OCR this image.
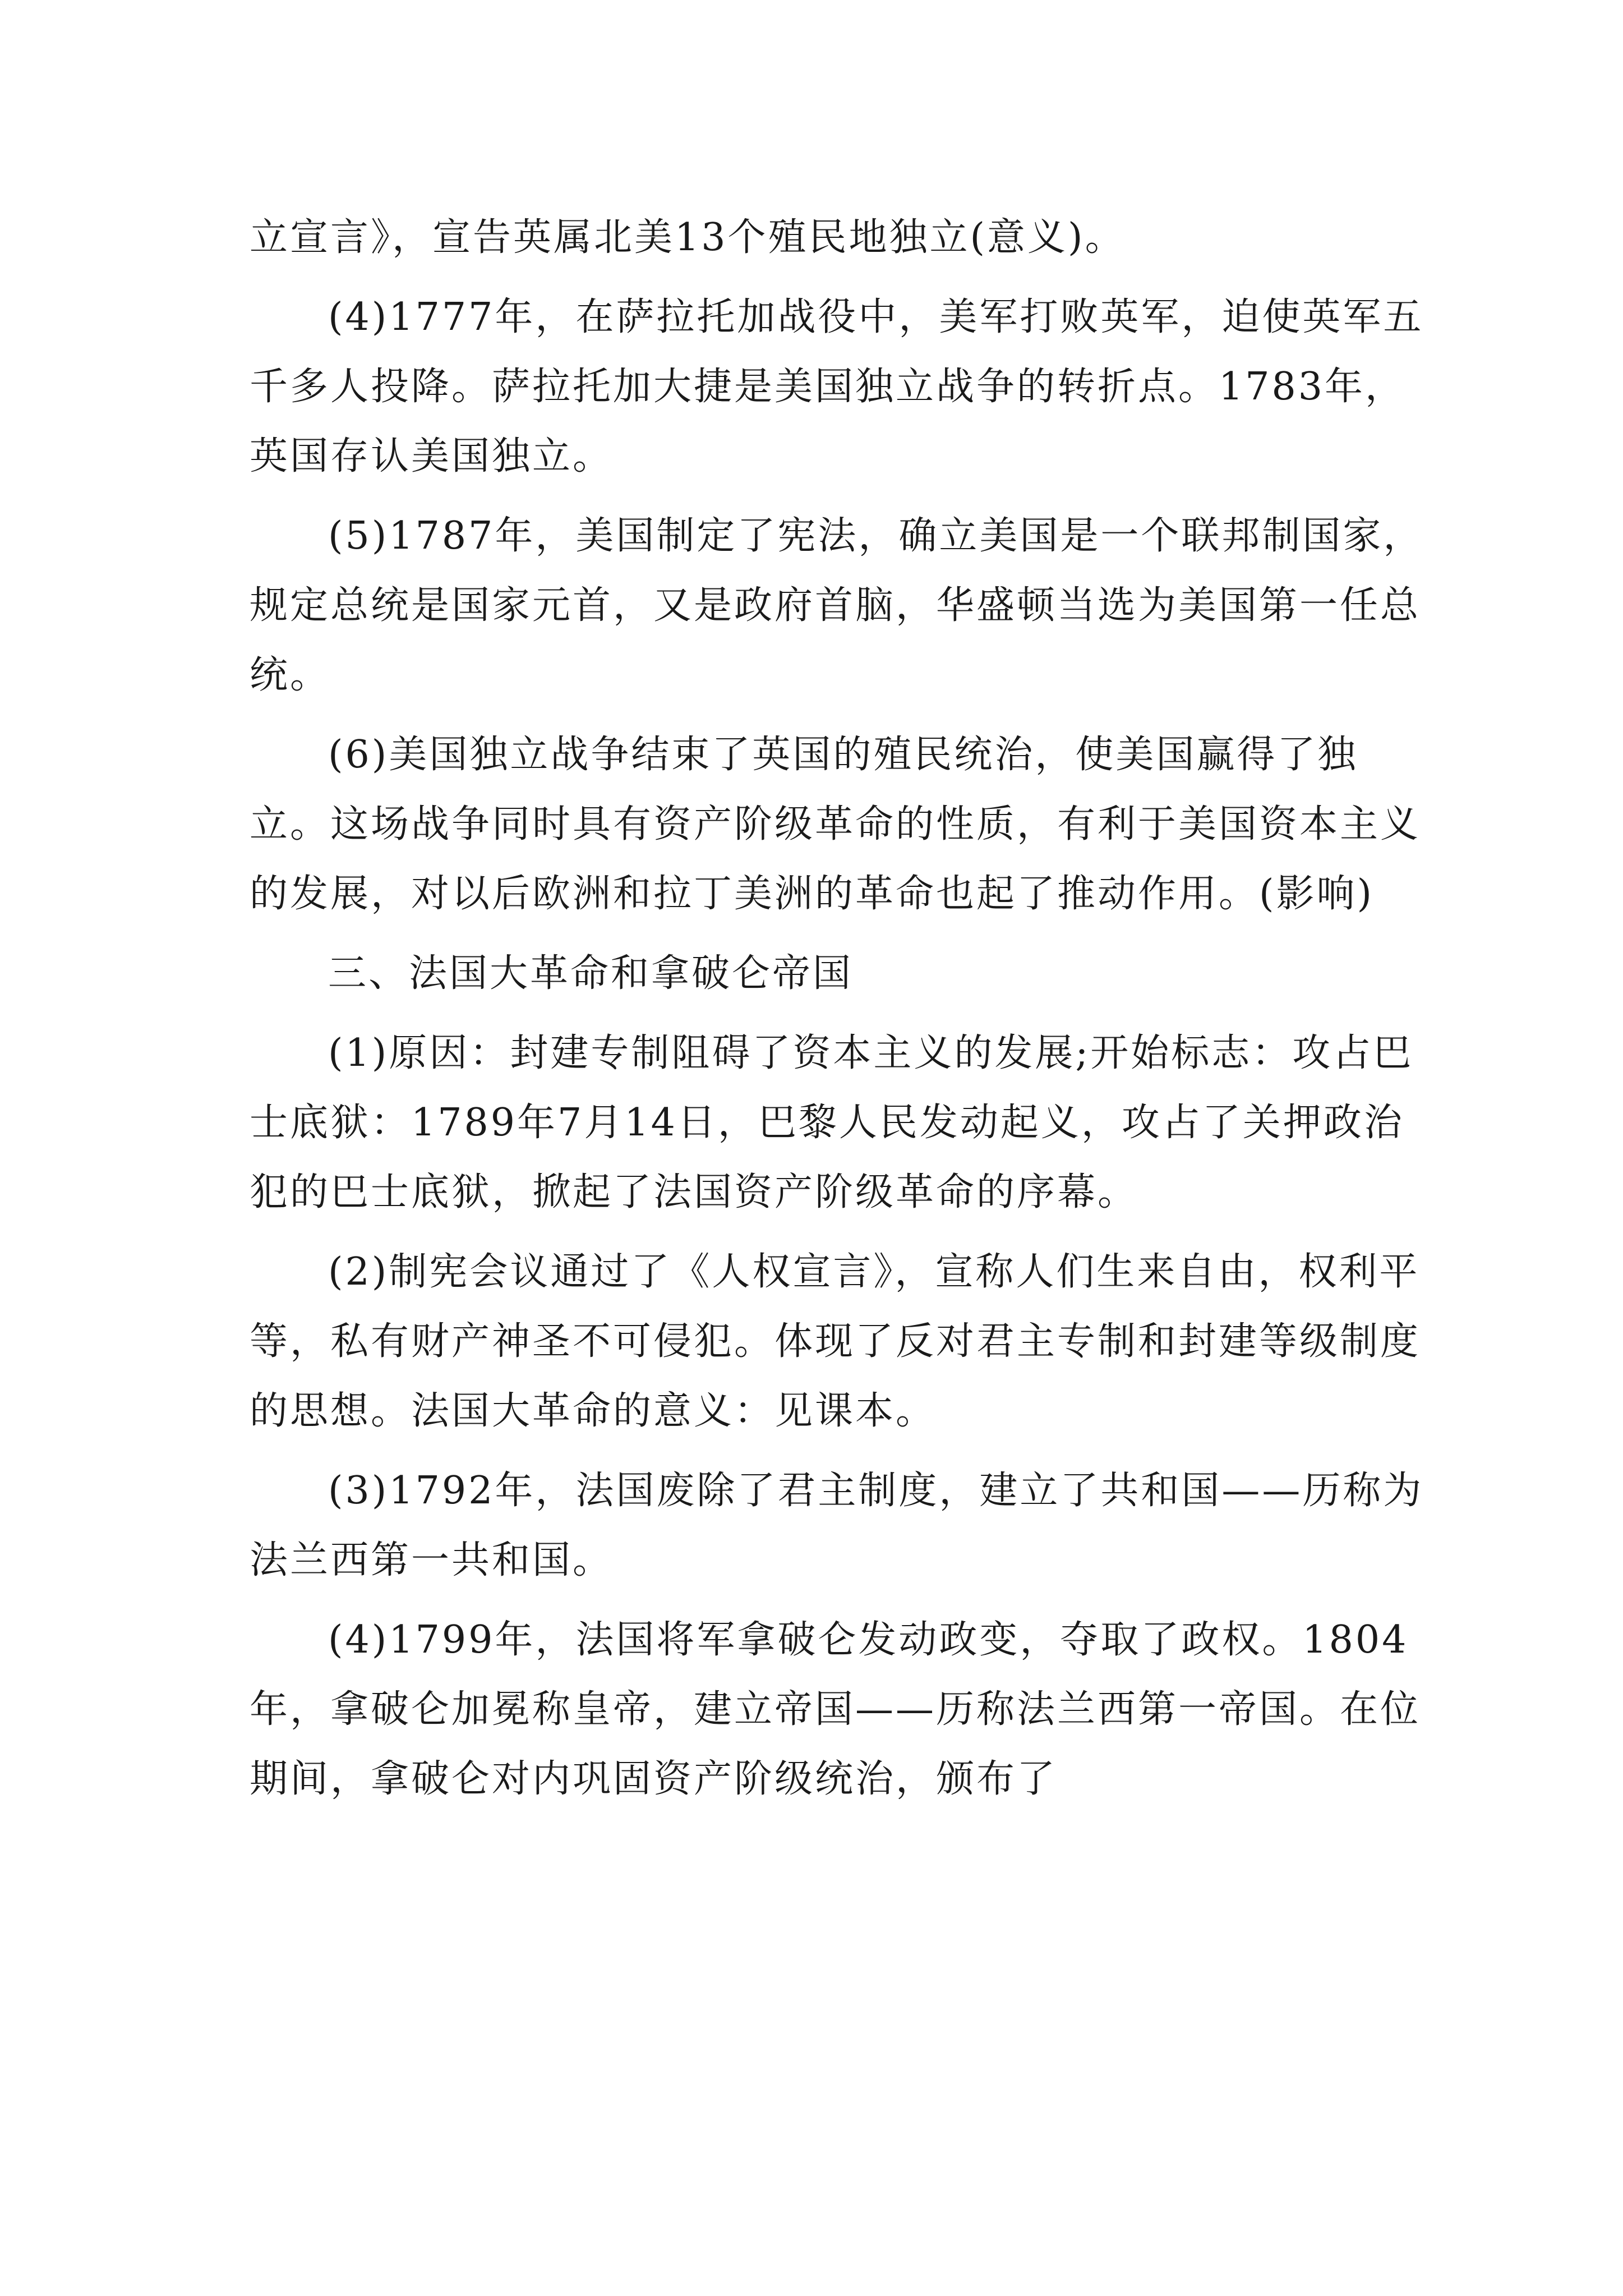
立宣言》，宣告英属北美13个殖民地独立(意义)。

(4)1777年，在萨拉托加战役中，美军打败英军，迫使英军五千多人投降。萨拉托加大捷是美国独立战争的转折点。1783年，英国存认美国独立。

(5)1787年，美国制定了宪法，确立美国是一个联邦制国家，规定总统是国家元首，又是政府首脑，华盛顿当选为美国第一任总统。

(6)美国独立战争结束了英国的殖民统治，使美国赢得了独立。这场战争同时具有资产阶级革命的性质，有利于美国资本主义的发展，对以后欧洲和拉丁美洲的革命也起了推动作用。(影响)

三、法国大革命和拿破仑帝国

(1)原因：封建专制阻碍了资本主义的发展;开始标志：攻占巴士底狱：1789年7月14日，巴黎人民发动起义，攻占了关押政治犯的巴士底狱，掀起了法国资产阶级革命的序幕。

(2)制宪会议通过了《人权宣言》，宣称人们生来自由，权利平等，私有财产神圣不可侵犯。体现了反对君主专制和封建等级制度的思想。法国大革命的意义：见课本。

(3)1792年，法国废除了君主制度，建立了共和国——历称为法兰西第一共和国。

(4)1799年，法国将军拿破仑发动政变，夺取了政权。1804年，拿破仑加冕称皇帝，建立帝国——历称法兰西第一帝国。在位期间，拿破仑对内巩固资产阶级统治，颁布了
